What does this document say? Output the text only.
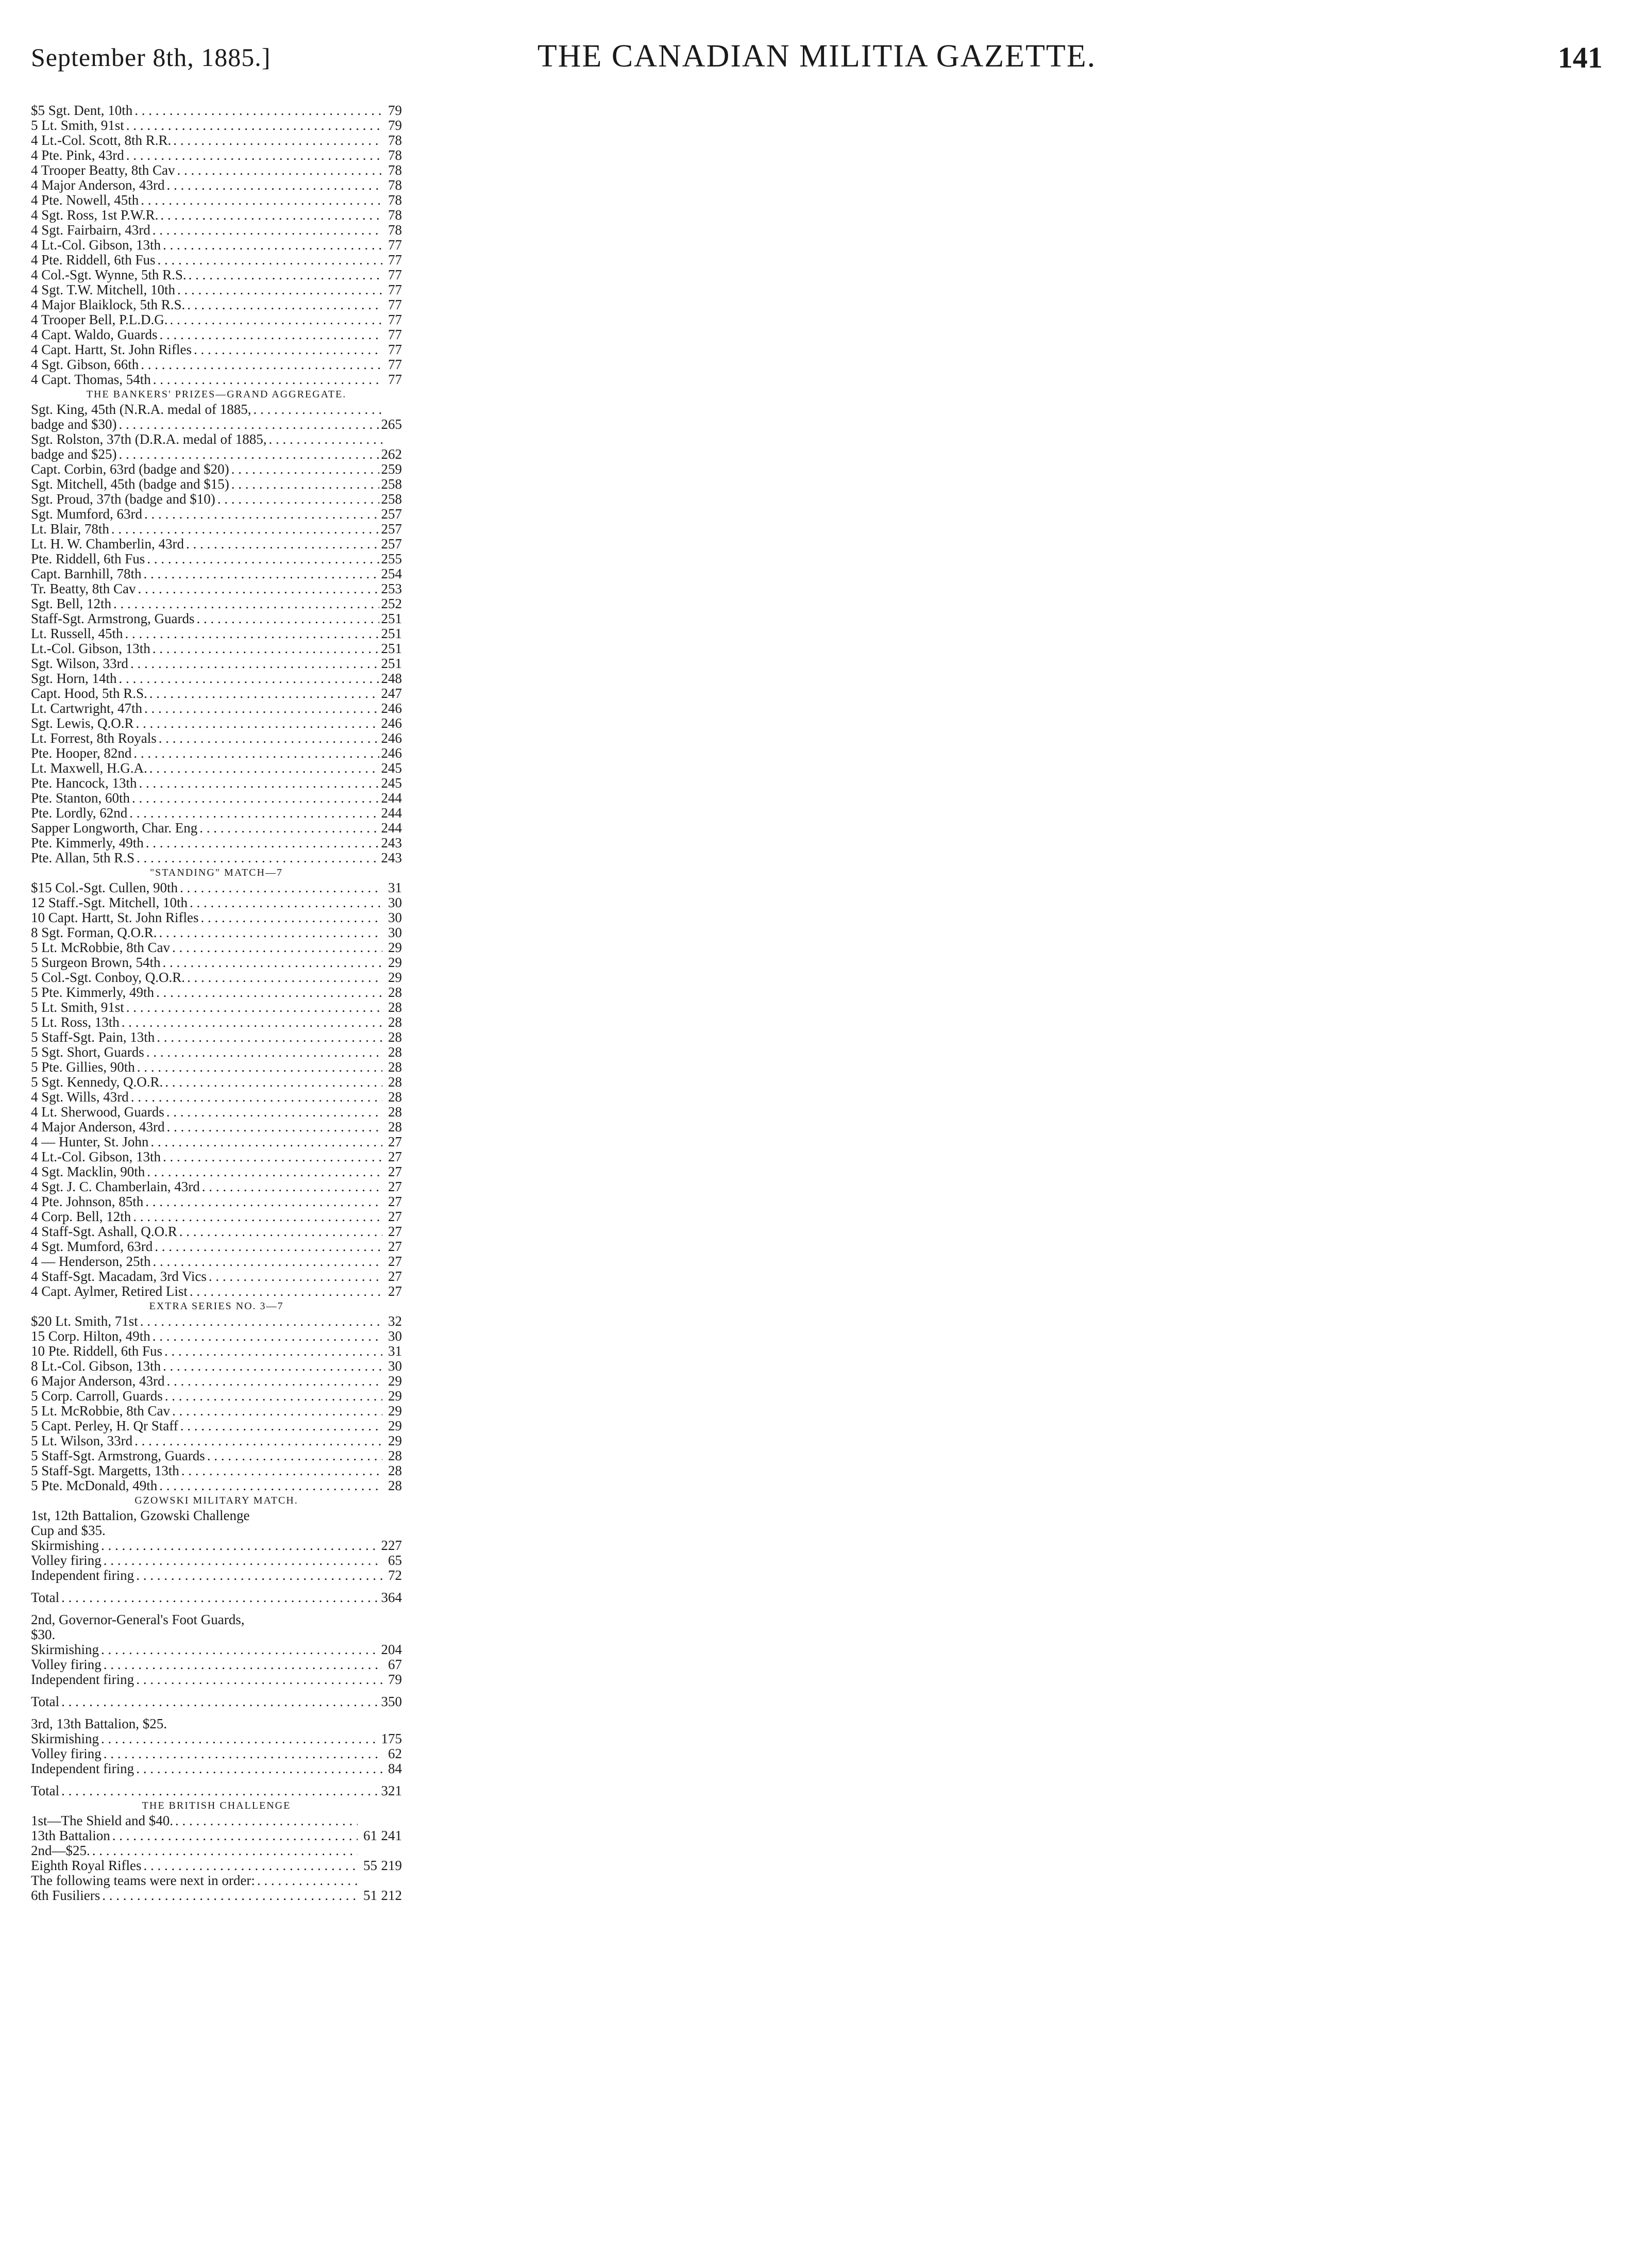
September 8th, 1885.]	THE CANADIAN MILITIA GAZETTE.	141
$5 Sgt. Dent, 10th . . .	79
5 Lt. Smith, 91st . . .	79
4 Lt.-Col. Scott, 8th R.R. . . .	78
4 Pte. Pink, 43rd . . .	78
4 Trooper Beatty, 8th Cav . . .	78
4 Major Anderson, 43rd . . .	78
4 Pte. Nowell, 45th . . .	78
4 Sgt. Ross, 1st P.W.R. . . .	78
4 Sgt. Fairbairn, 43rd . . .	78
4 Lt.-Col. Gibson, 13th . . .	77
4 Pte. Riddell, 6th Fus . . .	77
4 Col.-Sgt. Wynne, 5th R.S. . . .	77
4 Sgt. T.W. Mitchell, 10th . . .	77
4 Major Blaiklock, 5th R.S. . . .	77
4 Trooper Bell, P.L.D.G. . . .	77
4 Capt. Waldo, Guards . . .	77
4 Capt. Hartt, St. John Rifles . . .	77
4 Sgt. Gibson, 66th . . .	77
4 Capt. Thomas, 54th . . .	77
THE BANKERS' PRIZES—GRAND AGGREGATE.
Sgt. King, 45th (N.R.A. medal of 1885,
. . .
badge and $30) . . .	265
Sgt. Rolston, 37th (D.R.A. medal of 1885,
. . .
badge and $25) . . .	262
Capt. Corbin, 63rd (badge and $20) . . .	259
Sgt. Mitchell, 45th (badge and $15) . . .	258
Sgt. Proud, 37th (badge and $10) . . .	258
Sgt. Mumford, 63rd . . .	257
Lt. Blair, 78th . . .	257
Lt. H. W. Chamberlin, 43rd . . .	257
Pte. Riddell, 6th Fus . . .	255
Capt. Barnhill, 78th . . .	254
Tr. Beatty, 8th Cav . . .	253
Sgt. Bell, 12th . . .	252
Staff-Sgt. Armstrong, Guards . . .	251
Lt. Russell, 45th . . .	251
Lt.-Col. Gibson, 13th . . .	251
Sgt. Wilson, 33rd . . .	251
Sgt. Horn, 14th . . .	248
Capt. Hood, 5th R.S. . . .	247
Lt. Cartwright, 47th . . .	246
Sgt. Lewis, Q.O.R . . .	246
Lt. Forrest, 8th Royals . . .	246
Pte. Hooper, 82nd . . .	246
Lt. Maxwell, H.G.A. . . .	245
Pte. Hancock, 13th . . .	245
Pte. Stanton, 60th . . .	244
Pte. Lordly, 62nd . . .	244
Sapper Longworth, Char. Eng . . .	244
Pte. Kimmerly, 49th . . .	243
Pte. Allan, 5th R.S . . .	243
"STANDING" MATCH—7
$15 Col.-Sgt. Cullen, 90th . . .	31
12 Staff.-Sgt. Mitchell, 10th . . .	30
10 Capt. Hartt, St. John Rifles . . .	30
8 Sgt. Forman, Q.O.R. . . .	30
5 Lt. McRobbie, 8th Cav . . .	29
5 Surgeon Brown, 54th . . .	29
5 Col.-Sgt. Conboy, Q.O.R. . . .	29
5 Pte. Kimmerly, 49th . . .	28
5 Lt. Smith, 91st . . .	28
5 Lt. Ross, 13th . . .	28
5 Staff-Sgt. Pain, 13th . . .	28
5 Sgt. Short, Guards . . .	28
5 Pte. Gillies, 90th . . .	28
5 Sgt. Kennedy, Q.O.R. . . .	28
4 Sgt. Wills, 43rd . . .	28
4 Lt. Sherwood, Guards . . .	28
4 Major Anderson, 43rd . . .	28
4 — Hunter, St. John . . .	27
4 Lt.-Col. Gibson, 13th . . .	27
4 Sgt. Macklin, 90th . . .	27
4 Sgt. J. C. Chamberlain, 43rd . . .	27
4 Pte. Johnson, 85th . . .	27
4 Corp. Bell, 12th . . .	27
4 Staff-Sgt. Ashall, Q.O.R . . .	27
4 Sgt. Mumford, 63rd . . .	27
4 — Henderson, 25th . . .	27
4 Staff-Sgt. Macadam, 3rd Vics . . .	27
4 Capt. Aylmer, Retired List . . .	27
EXTRA SERIES NO. 3—7
$20 Lt. Smith, 71st . . .	32
15 Corp. Hilton, 49th . . .	30
10 Pte. Riddell, 6th Fus . . .	31
8 Lt.-Col. Gibson, 13th . . .	30
6 Major Anderson, 43rd . . .	29
5 Corp. Carroll, Guards . . .	29
5 Lt. McRobbie, 8th Cav . . .	29
5 Capt. Perley, H. Qr Staff . . .	29
5 Lt. Wilson, 33rd . . .	29
5 Staff-Sgt. Armstrong, Guards . . .	28
5 Staff-Sgt. Margetts, 13th . . .	28
5 Pte. McDonald, 49th . . .	28
GZOWSKI MILITARY MATCH.
1st, 12th Battalion, Gzowski Challenge
Cup and $35.
Skirmishing . . .	227
Volley firing . . .	65
Independent firing . . .	72
Total . . .	364
2nd, Governor-General's Foot Guards,
$30.
Skirmishing . . .	204
Volley firing . . .	67
Independent firing . . .	79
Total . . .	350
3rd, 13th Battalion, $25.
Skirmishing . . .	175
Volley firing . . .	62
Independent firing . . .	84
Total . . .	321
THE BRITISH CHALLENGE
1st—The Shield and $40.
. . .
13th Battalion . . .	61 241
2nd—$25.
. . .
Eighth Royal Rifles . . .	55 219
The following teams were next in order:
. . .
6th Fusiliers . . .	51 212
